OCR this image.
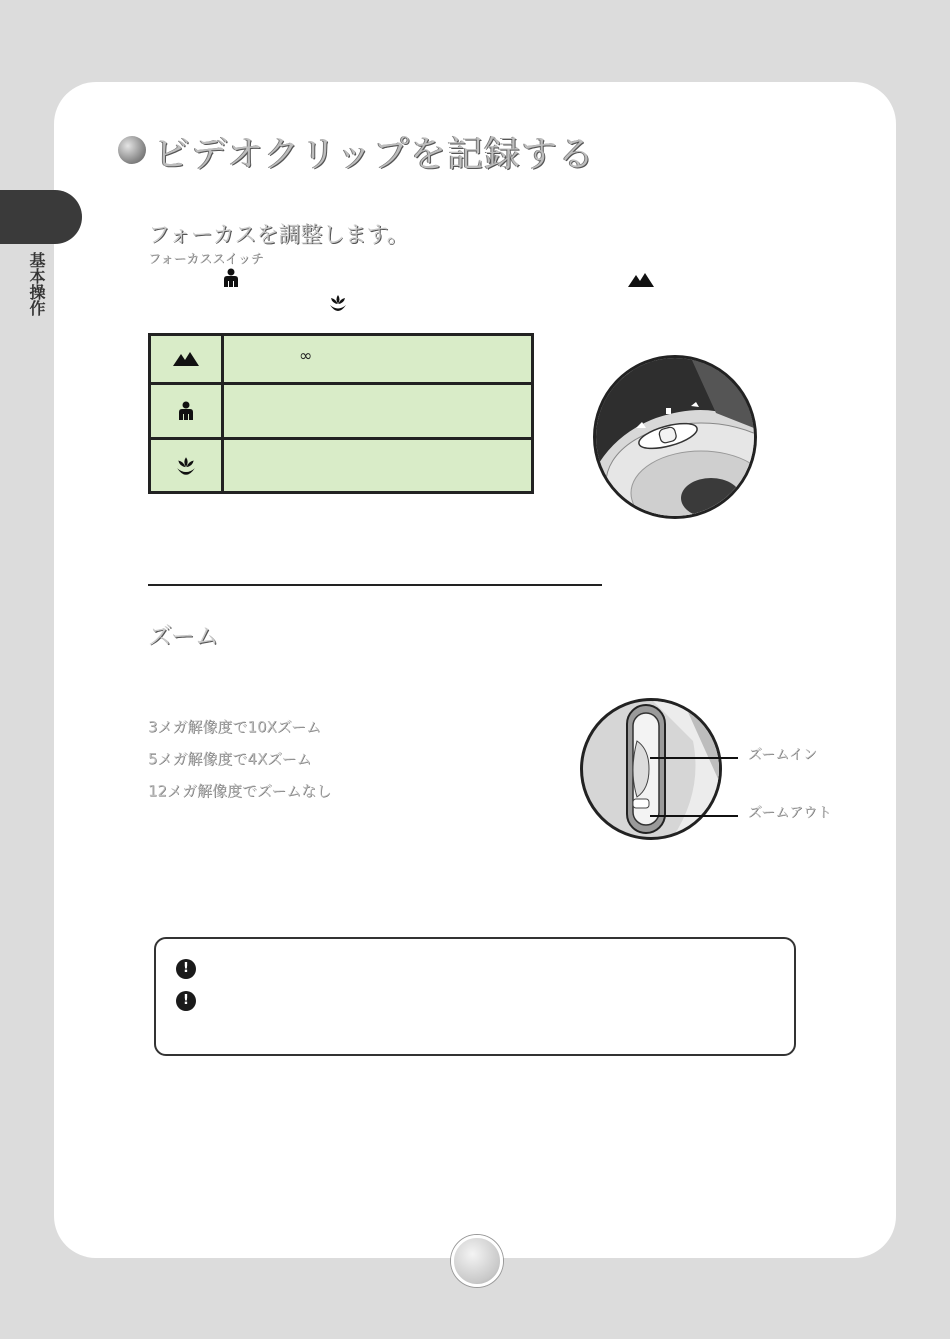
基本操作
ビデオクリップを記録する
フォーカスを調整します。
フォーカススイッチ
∞
ズーム
3メガ解像度で10Xズーム
5メガ解像度で4Xズーム
12メガ解像度でズームなし
ズームイン
ズームアウト
!
!
